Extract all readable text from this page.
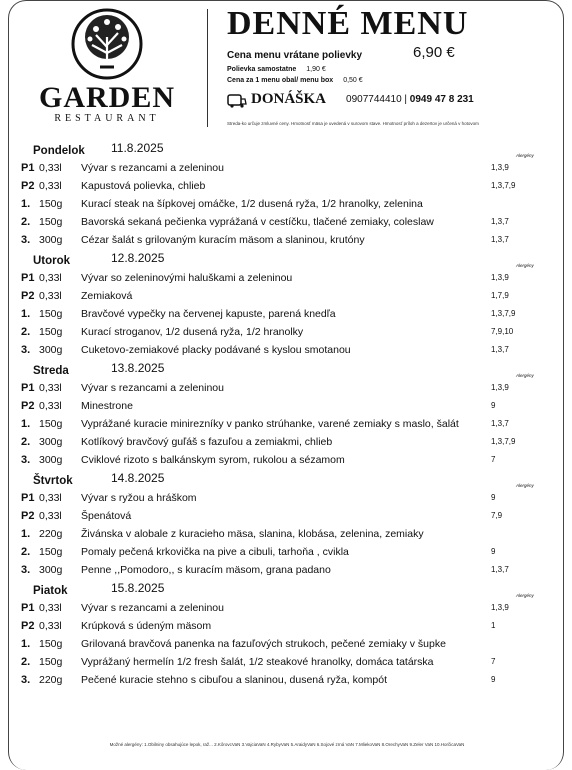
GARDEN
RESTAURANT
DENNÉ MENU
Cena menu vrátane polievky	6,90 €
Polievka samostatne 1,90 €
Cena za 1 menu obal/ menu box 0,50 €
DONÁŠKA 0907744410 | 0949 47 8 231
Streda-ko určuje zmluvné ceny. Hmotnosť mäsa je uvedená v surovom stave. Hmotnosť príloh a dezertov je určená v hotovom
Pondelok 11.8.2025
Alergény
P1 0,33l Vývar s rezancami a zeleninou	1,3,9
P2 0,33l Kapustová polievka, chlieb	1,3,7,9
1. 150g Kurací steak na šípkovej omáčke, 1/2 dusená ryža, 1/2 hranolky, zelenina
2. 150g Bavorská sekaná pečienka vyprážaná v cestíčku, tlačené zemiaky, coleslaw	1,3,7
3. 300g Cézar šalát s grilovaným kuracím mäsom a slaninou, krutóny	1,3,7
Utorok	12.8.2025
Alergény
P1 0,33l Vývar so zeleninovými haluškami a zeleninou	1,3,9
P2 0,33l Zemiaková	1,7,9
1. 150g Bravčové vyp​ečky na červenej kapuste, parená knedľa	1,3,7,9
2. 150g Kurací stroganov, 1/2 dusená ryža, 1/2 hranolky	7,9,10
3. 300g Cuketovo-zemiakové placky podávané s kyslou smotanou	1,3,7
Streda	13.8.2025
Alergény
P1 0,33l Vývar s rezancami a zeleninou	1,3,9
P2 0,33l Minestrone	9
1. 150g Vyprážané kuracie minirezníky v panko strúhanke, varené zemiaky s maslo, šalát	1,3,7
2. 300g Kotlíkový bravčový guľáš s fazuľou a zemiakmi, chlieb	1,3,7,9
3. 300g Cviklové rizoto s balkánskym syrom, rukolou a sézamom	7
Štvrtok	14.8.2025
Alergény
P1 0,33l Vývar s ryžou a hráškom	9
P2 0,33l Špenátová	7,9
1. 220g Živánska v alobale z kuracieho mäsa, slanina, klobása, zelenina, zemiaky
2. 150g Pomaly pečená krkovička na pive a cibuli, tarhoňa , cvikla	9
3. 300g Penne ,,Pomodoro,, s kuracím mäsom, grana padano	1,3,7
Piatok	15.8.2025
Alergény
P1 0,33l Vývar s rezancami a zeleninou	1,3,9
P2 0,33l Krúpková s údeným mäsom	1
1. 150g Grilovaná bravčová panenka na fazuľových strukoch, pečené zemiaky v šupke
2. 150g Vyprážaný hermelín 1/2 fresh šalát, 1/2 steakové hranolky, domáca tatárska	7
3. 220g Pečené kuracie stehno s cibuľou a slaninou, dusená ryža, kompót	9
Možné alergény: 1.Obilniny obsahujúce lepok, raž... 2.KôrovcVaN 3.VajciaVaN 4.RybyVaN 5.AraidyVaN 6.Sojové zrná VaN 7.MliekoVaN 8.OrechyVaN 9.Zeler VaN 10.HorčicaVaN
